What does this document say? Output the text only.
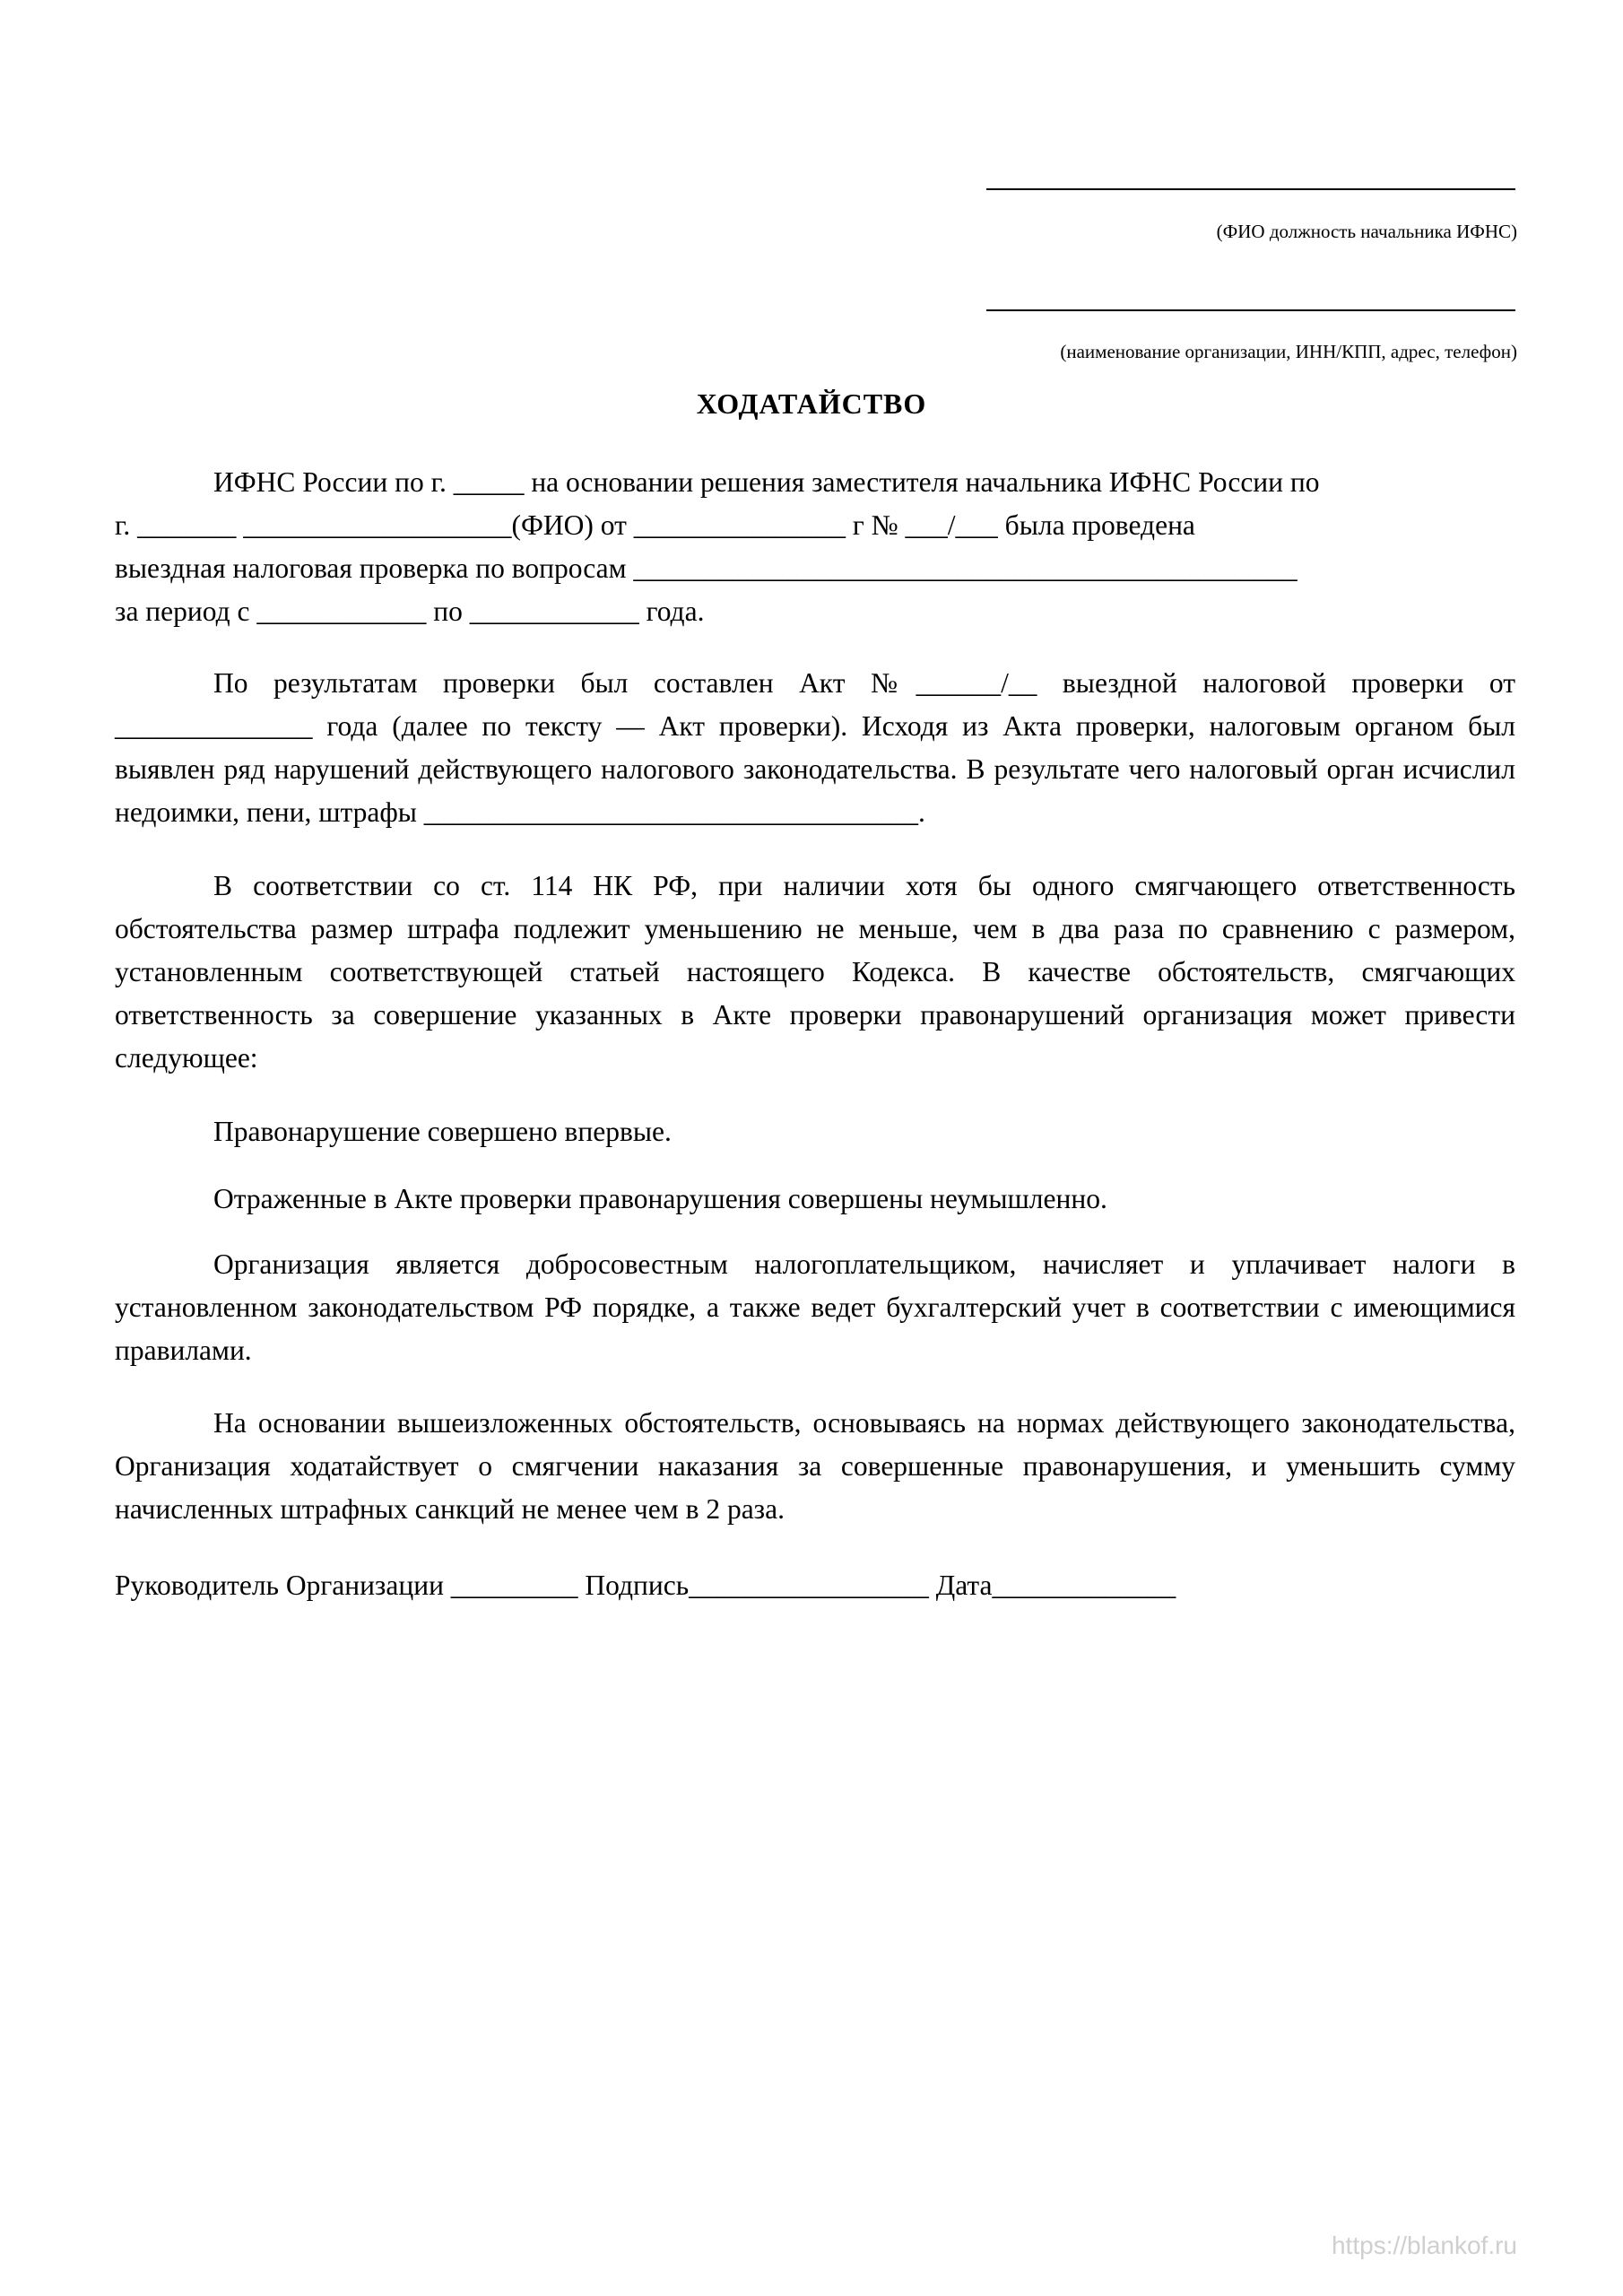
(ФИО должность начальника ИФНС)
(наименование организации, ИНН/КПП, адрес, телефон)
ХОДАТАЙСТВО
ИФНС России по г. _____ на основании решения заместителя начальника ИФНС России по
г. _______ ___________________(ФИО) от _______________ г № ___/___ была проведена
выездная налоговая проверка по вопросам _______________________________________________
за период с ____________ по ____________ года.

По результатам проверки был составлен Акт №______/__ выездной налоговой проверки от ______________ года (далее по тексту — Акт проверки). Исходя из Акта проверки, налоговым органом был выявлен ряд нарушений действующего налогового законодательства. В результате чего налоговый орган исчислил недоимки, пени, штрафы ___________________________________.

В соответствии со ст. 114 НК РФ, при наличии хотя бы одного смягчающего ответственность обстоятельства размер штрафа подлежит уменьшению не меньше, чем в два раза по сравнению с размером, установленным соответствующей статьей настоящего Кодекса. В качестве обстоятельств, смягчающих ответственность за совершение указанных в Акте проверки правонарушений организация может привести следующее:

Правонарушение совершено впервые.

Отраженные в Акте проверки правонарушения совершены неумышленно.

Организация является добросовестным налогоплательщиком, начисляет и уплачивает налоги в установленном законодательством РФ порядке, а также ведет бухгалтерский учет в соответствии с имеющимися правилами.

На основании вышеизложенных обстоятельств, основываясь на нормах действующего законодательства, Организация ходатайствует о смягчении наказания за совершенные правонарушения, и уменьшить сумму начисленных штрафных санкций не менее чем в 2 раза.

Руководитель Организации _________ Подпись_________________ Дата_____________
https://blankof.ru
